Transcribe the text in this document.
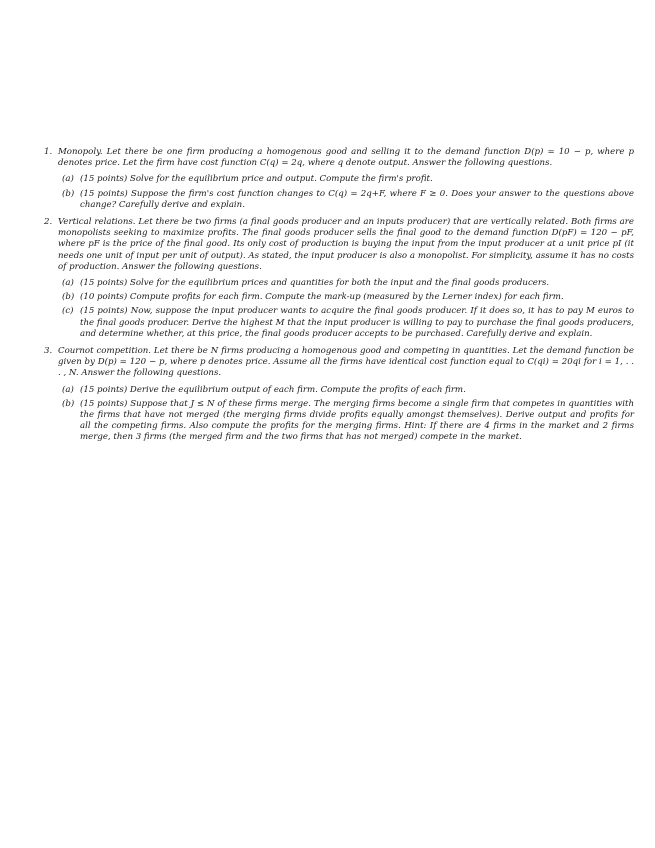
1. Monopoly. Let there be one firm producing a homogenous good and selling it to the demand function D(p) = 10 − p, where p denotes price. Let the firm have cost function C(q) = 2q, where q denote output. Answer the following questions.
(a) (15 points) Solve for the equilibrium price and output. Compute the firm's profit.
(b) (15 points) Suppose the firm's cost function changes to C(q) = 2q+F, where F ≥ 0. Does your answer to the questions above change? Carefully derive and explain.
2. Vertical relations. Let there be two firms (a final goods producer and an inputs producer) that are vertically related. Both firms are monopolists seeking to maximize profits. The final goods producer sells the final good to the demand function D(pF) = 120 − pF, where pF is the price of the final good. Its only cost of production is buying the input from the input producer at a unit price pI (it needs one unit of input per unit of output). As stated, the input producer is also a monopolist. For simplicity, assume it has no costs of production. Answer the following questions.
(a) (15 points) Solve for the equilibrium prices and quantities for both the input and the final goods producers.
(b) (10 points) Compute profits for each firm. Compute the mark-up (measured by the Lerner index) for each firm.
(c) (15 points) Now, suppose the input producer wants to acquire the final goods producer. If it does so, it has to pay M euros to the final goods producer. Derive the highest M that the input producer is willing to pay to purchase the final goods producers, and determine whether, at this price, the final goods producer accepts to be purchased. Carefully derive and explain.
3. Cournot competition. Let there be N firms producing a homogenous good and competing in quantities. Let the demand function be given by D(p) = 120 − p, where p denotes price. Assume all the firms have identical cost function equal to C(qi) = 20qi for i = 1, . . . , N. Answer the following questions.
(a) (15 points) Derive the equilibrium output of each firm. Compute the profits of each firm.
(b) (15 points) Suppose that J ≤ N of these firms merge. The merging firms become a single firm that competes in quantities with the firms that have not merged (the merging firms divide profits equally amongst themselves). Derive output and profits for all the competing firms. Also compute the profits for the merging firms. Hint: If there are 4 firms in the market and 2 firms merge, then 3 firms (the merged firm and the two firms that has not merged) compete in the market.
